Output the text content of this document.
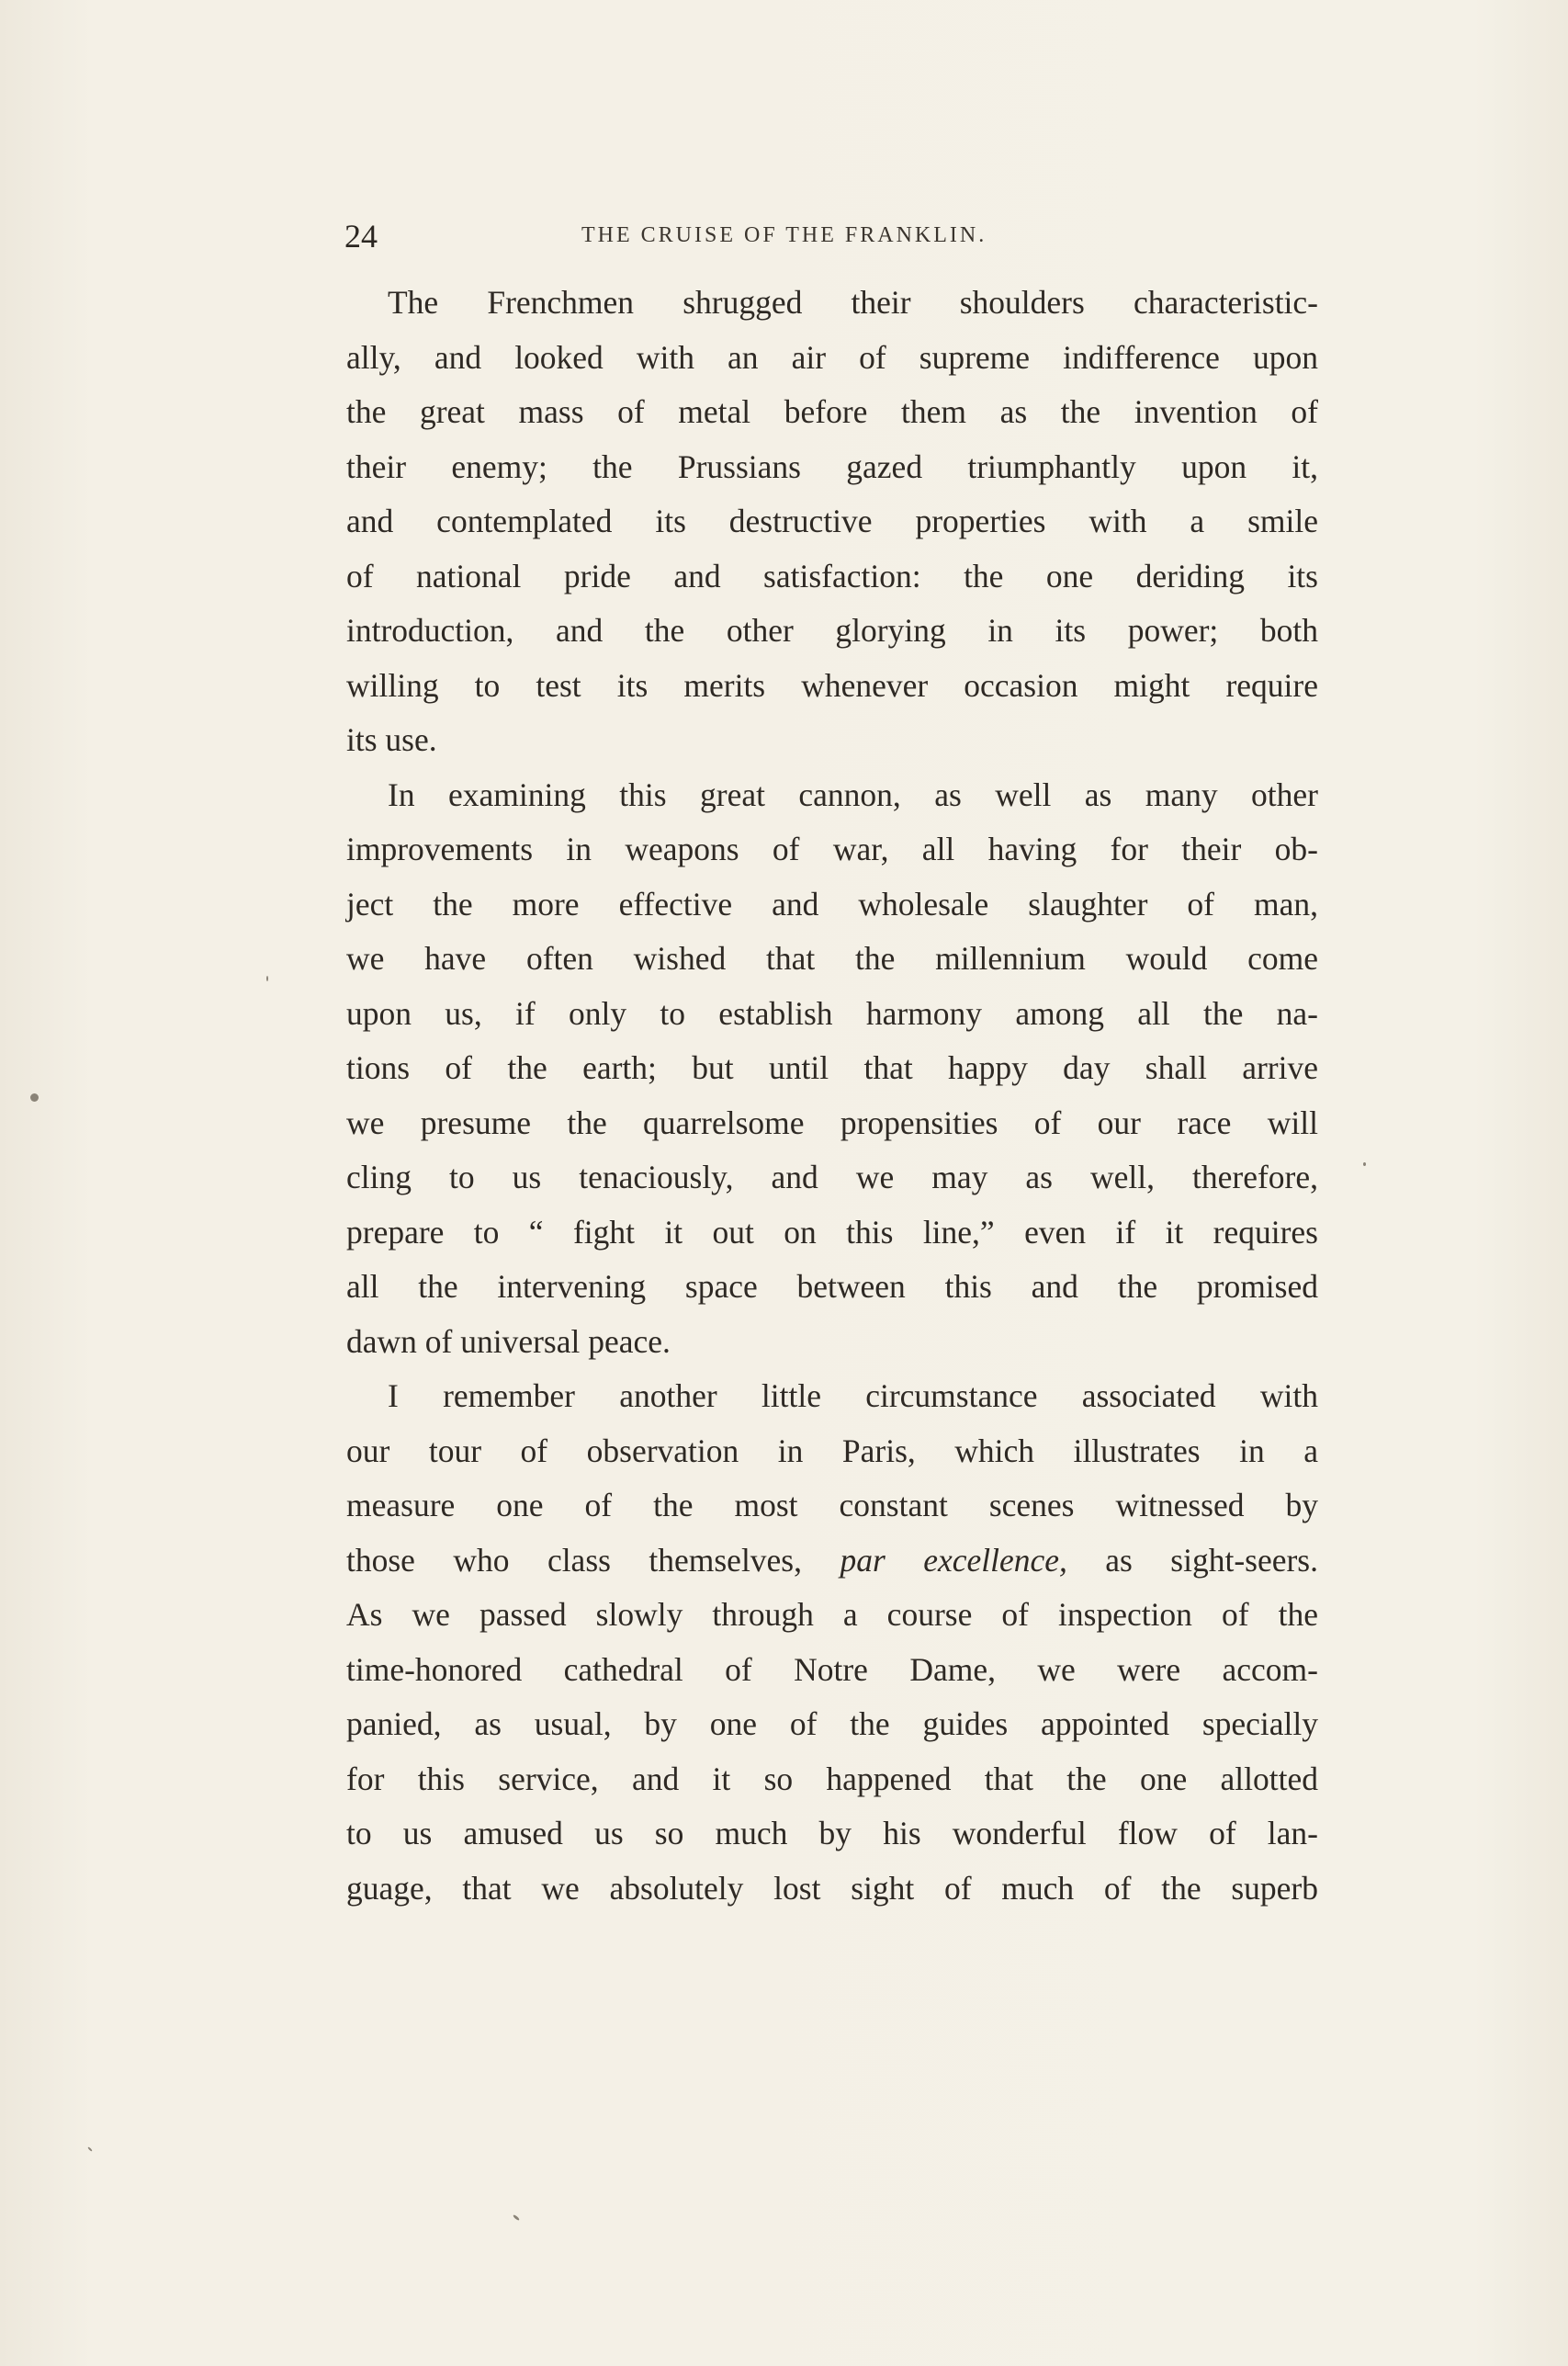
24	THE CRUISE OF THE FRANKLIN.
The Frenchmen shrugged their shoulders characteristic-
ally, and looked with an air of supreme indifference upon
the great mass of metal before them as the invention of
their enemy; the Prussians gazed triumphantly upon it,
and contemplated its destructive properties with a smile
of national pride and satisfaction: the one deriding its
introduction, and the other glorying in its power; both
willing to test its merits whenever occasion might require
its use.
In examining this great cannon, as well as many other
improvements in weapons of war, all having for their ob-
ject the more effective and wholesale slaughter of man,
we have often wished that the millennium would come
upon us, if only to establish harmony among all the na-
tions of the earth; but until that happy day shall arrive
we presume the quarrelsome propensities of our race will
cling to us tenaciously, and we may as well, therefore,
prepare to “ fight it out on this line,” even if it requires
all the intervening space between this and the promised
dawn of universal peace.
I remember another little circumstance associated with
our tour of observation in Paris, which illustrates in a
measure one of the most constant scenes witnessed by
those who class themselves, par excellence, as sight-seers.
As we passed slowly through a course of inspection of the
time-honored cathedral of Notre Dame, we were accom-
panied, as usual, by one of the guides appointed specially
for this service, and it so happened that the one allotted
to us amused us so much by his wonderful flow of lan-
guage, that we absolutely lost sight of much of the superb
